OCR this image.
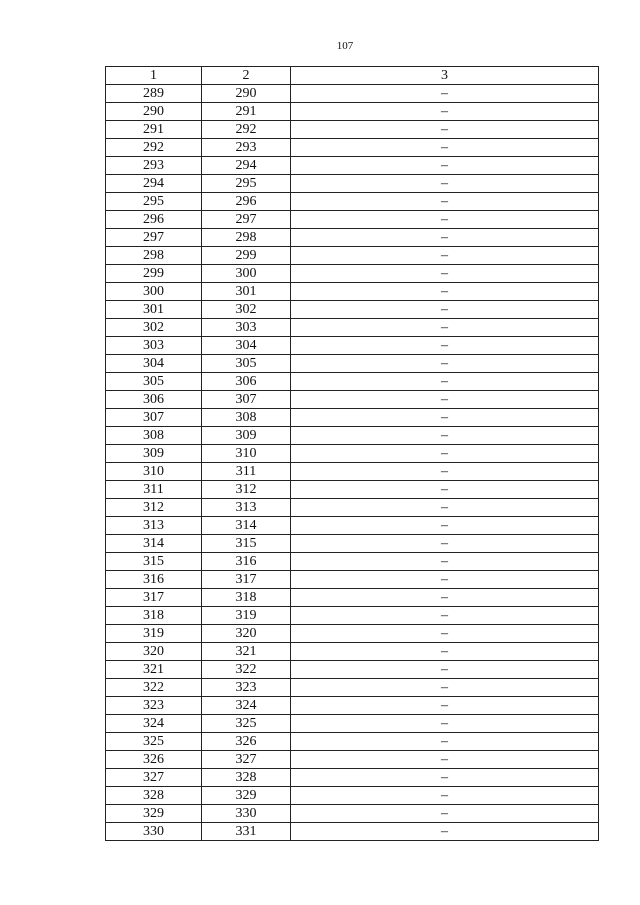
107
1	2	3
289	290	–
290	291	–
291	292	–
292	293	–
293	294	–
294	295	–
295	296	–
296	297	–
297	298	–
298	299	–
299	300	–
300	301	–
301	302	–
302	303	–
303	304	–
304	305	–
305	306	–
306	307	–
307	308	–
308	309	–
309	310	–
310	311	–
311	312	–
312	313	–
313	314	–
314	315	–
315	316	–
316	317	–
317	318	–
318	319	–
319	320	–
320	321	–
321	322	–
322	323	–
323	324	–
324	325	–
325	326	–
326	327	–
327	328	–
328	329	–
329	330	–
330	331	–
